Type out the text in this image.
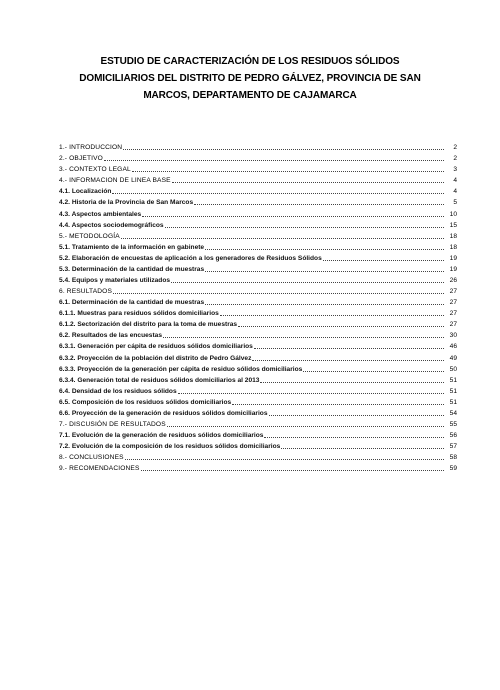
ESTUDIO DE CARACTERIZACIÓN DE LOS RESIDUOS SÓLIDOS
DOMICILIARIOS DEL DISTRITO DE PEDRO GÁLVEZ, PROVINCIA DE SAN
MARCOS, DEPARTAMENTO DE CAJAMARCA
1.- INTRODUCCION	2
2.- OBJETIVO	2
3.- CONTEXTO LEGAL	3
4.- INFORMACION DE LINEA BASE	4
4.1. Localización	4
4.2. Historia de la Provincia de San Marcos	5
4.3. Aspectos ambientales	10
4.4. Aspectos sociodemográficos	15
5.- METODOLOGÍA	18
5.1. Tratamiento de la información en gabinete	18
5.2. Elaboración de encuestas de aplicación a los generadores de Residuos Sólidos	19
5.3. Determinación de la cantidad de muestras	19
5.4. Equipos y materiales utilizados	26
6. RESULTADOS	27
6.1. Determinación de la cantidad de muestras	27
6.1.1. Muestras para residuos sólidos domiciliarios	27
6.1.2. Sectorización del distrito para la toma de muestras	27
6.2. Resultados de las encuestas	30
6.3.1. Generación per cápita de residuos sólidos domiciliarios	46
6.3.2. Proyección de la población del distrito de Pedro Gálvez	49
6.3.3. Proyección de la generación per cápita de residuo sólidos domiciliarios	50
6.3.4. Generación total de residuos sólidos domiciliarios al 2013	51
6.4. Densidad de los residuos sólidos	51
6.5. Composición de los residuos sólidos domiciliarios	51
6.6. Proyección de la generación de residuos sólidos domiciliarios	54
7.- DISCUSIÓN DE RESULTADOS	55
7.1. Evolución de la generación de residuos sólidos domiciliarios	56
7.2. Evolución de la composición de los residuos sólidos domiciliarios	57
8.- CONCLUSIONES	58
9.- RECOMENDACIONES	59
